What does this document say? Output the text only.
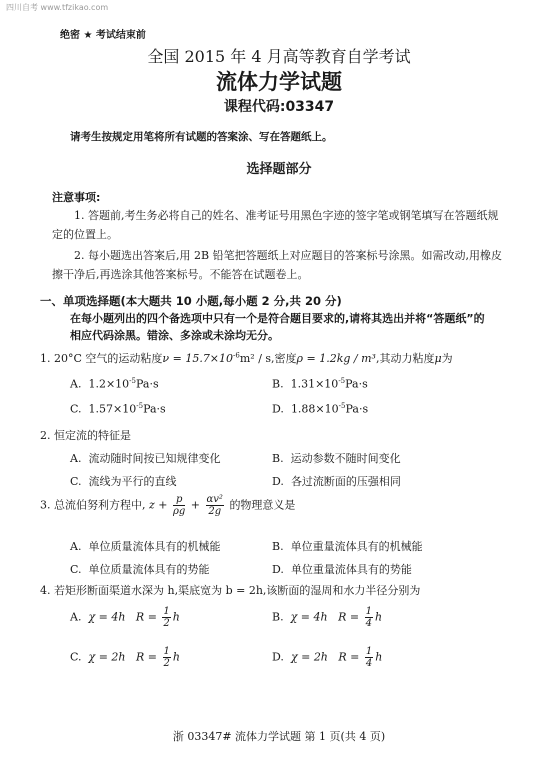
四川自考 www.tfzikao.com
绝密 ★ 考试结束前
全国 2015 年 4 月高等教育自学考试
流体力学试题
课程代码:03347
请考生按规定用笔将所有试题的答案涂、写在答题纸上。
选择题部分
注意事项:
1. 答题前,考生务必将自己的姓名、准考证号用黑色字迹的签字笔或钢笔填写在答题纸规定的位置上。
2. 每小题选出答案后,用 2B 铅笔把答题纸上对应题目的答案标号涂黑。如需改动,用橡皮擦干净后,再选涂其他答案标号。不能答在试题卷上。
一、单项选择题(本大题共 10 小题,每小题 2 分,共 20 分)
在每小题列出的四个备选项中只有一个是符合题目要求的,请将其选出并将“答题纸”的相应代码涂黑。错涂、多涂或未涂均无分。
1. 20°C 空气的运动粘度$\nu = 15.7\times 10^{-6}m^2 / s$,密度ρ = 1.2kg / m³,其动力粘度μ为
A. $1.2\times 10^{-5}Pa\cdot s$	B. $1.31\times 10^{-5}Pa\cdot s$
C. $1.57\times 10^{-5}Pa\cdot s$	D. $1.88\times 10^{-5}Pa\cdot s$
2. 恒定流的特征是
A. 流动随时间按已知规律变化	B. 运动参数不随时间变化
C. 流线为平行的直线	D. 各过流断面的压强相同
3. 总流伯努利方程中, $z + \frac{p}{\rho g} + \frac{\text{αv²}}{2g}$ 的物理意义是
A. 单位质量流体具有的机械能	B. 单位重量流体具有的机械能
C. 单位质量流体具有的势能	D. 单位重量流体具有的势能
4. 若矩形断面渠道水深为 h,渠底宽为 b = 2h,该断面的湿周和水力半径分别为
A. χ = 4h $R = \frac{1}{2}$ h	B. χ = 4h $R = \frac{1}{4}$ h
C. χ = 2h $R = \frac{1}{2}$ h	D. χ = 2h $R = \frac{1}{4}$ h
浙 03347# 流体力学试题 第 1 页(共 4 页)
